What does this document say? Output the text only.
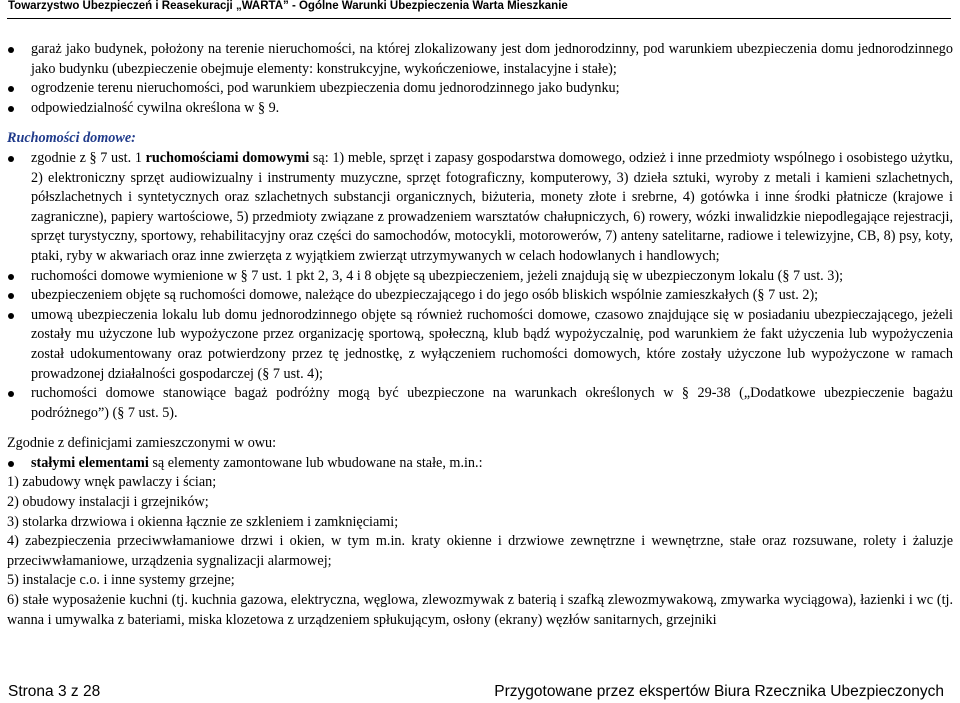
Towarzystwo Ubezpieczeń i Reasekuracji „WARTA” - Ogólne Warunki Ubezpieczenia Warta Mieszkanie
garaż jako budynek, położony na terenie nieruchomości, na której zlokalizowany jest dom jednorodzinny, pod warunkiem ubezpieczenia domu jednorodzinnego jako budynku (ubezpieczenie obejmuje elementy: konstrukcyjne, wykończeniowe, instalacyjne i stałe);
ogrodzenie terenu nieruchomości, pod warunkiem ubezpieczenia domu jednorodzinnego jako budynku;
odpowiedzialność cywilna określona w § 9.
Ruchomości domowe:
zgodnie z § 7 ust. 1 ruchomościami domowymi są: 1) meble, sprzęt i zapasy gospodarstwa domowego, odzież i inne przedmioty wspólnego i osobistego użytku, 2) elektroniczny sprzęt audiowizualny i instrumenty muzyczne, sprzęt fotograficzny, komputerowy, 3) dzieła sztuki, wyroby z metali i kamieni szlachetnych, półszlachetnych i syntetycznych oraz szlachetnych substancji organicznych, biżuteria, monety złote i srebrne, 4) gotówka i inne środki płatnicze (krajowe i zagraniczne), papiery wartościowe, 5) przedmioty związane z prowadzeniem warsztatów chałupniczych, 6) rowery, wózki inwalidzkie niepodlegające rejestracji, sprzęt turystyczny, sportowy, rehabilitacyjny oraz części do samochodów, motocykli, motorowerów, 7) anteny satelitarne, radiowe i telewizyjne, CB, 8) psy, koty, ptaki, ryby w akwariach oraz inne zwierzęta z wyjątkiem zwierząt utrzymywanych w celach hodowlanych i handlowych;
ruchomości domowe wymienione w § 7 ust. 1 pkt 2, 3, 4 i 8 objęte są ubezpieczeniem, jeżeli znajdują się w ubezpieczonym lokalu (§ 7 ust. 3);
ubezpieczeniem objęte są ruchomości domowe, należące do ubezpieczającego i do jego osób bliskich wspólnie zamieszkałych (§ 7 ust. 2);
umową ubezpieczenia lokalu lub domu jednorodzinnego objęte są również ruchomości domowe, czasowo znajdujące się w posiadaniu ubezpieczającego, jeżeli zostały mu użyczone lub wypożyczone przez organizację sportową, społeczną, klub bądź wypożyczalnię, pod warunkiem że fakt użyczenia lub wypożyczenia został udokumentowany oraz potwierdzony przez tę jednostkę, z wyłączeniem ruchomości domowych, które zostały użyczone lub wypożyczone w ramach prowadzonej działalności gospodarczej (§ 7 ust. 4);
ruchomości domowe stanowiące bagaż podróżny mogą być ubezpieczone na warunkach określonych w § 29-38 („Dodatkowe ubezpieczenie bagażu podróżnego”) (§ 7 ust. 5).

Zgodnie z definicjami zamieszczonymi w owu:

stałymi elementami są elementy zamontowane lub wbudowane na stałe, m.in.:

1) zabudowy wnęk pawlaczy i ścian;

2) obudowy instalacji i grzejników;

3) stolarka drzwiowa i okienna łącznie ze szkleniem i zamknięciami;

4) zabezpieczenia przeciwwłamaniowe drzwi i okien, w tym m.in. kraty okienne i drzwiowe zewnętrzne i wewnętrzne, stałe oraz rozsuwane, rolety i żaluzje przeciwwłamaniowe, urządzenia sygnalizacji alarmowej;

5) instalacje c.o. i inne systemy grzejne;

6) stałe wyposażenie kuchni (tj. kuchnia gazowa, elektryczna, węglowa, zlewozmywak z baterią i szafką zlewozmywakową, zmywarka wyciągowa), łazienki i wc (tj. wanna i umywalka z bateriami, miska klozetowa z urządzeniem spłukującym, osłony (ekrany) węzłów sanitarnych, grzejniki

Strona 3 z 28	Przygotowane przez ekspertów Biura Rzecznika Ubezpieczonych
